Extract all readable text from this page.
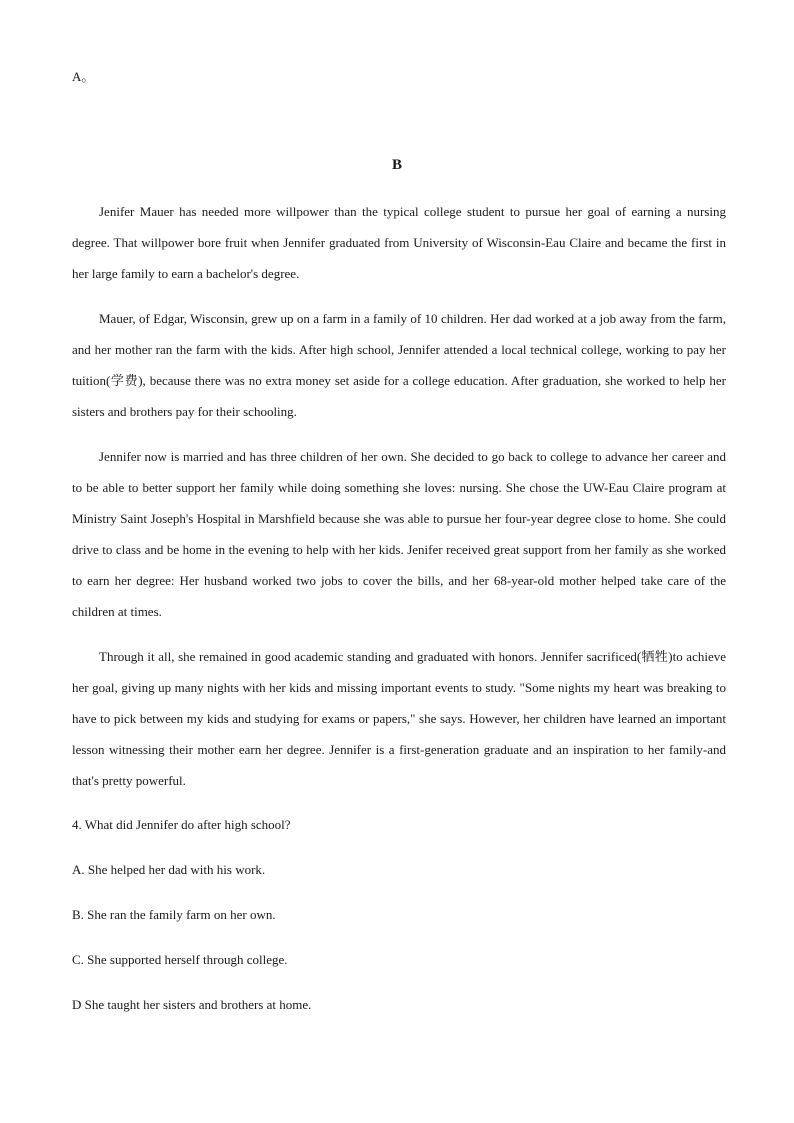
A。
B

Jenifer Mauer has needed more willpower than the typical college student to pursue her goal of earning a nursing degree. That willpower bore fruit when Jennifer graduated from University of Wisconsin-Eau Claire and became the first in her large family to earn a bachelor's degree.

Mauer, of Edgar, Wisconsin, grew up on a farm in a family of 10 children. Her dad worked at a job away from the farm, and her mother ran the farm with the kids. After high school, Jennifer attended a local technical college, working to pay her tuition(学费), because there was no extra money set aside for a college education. After graduation, she worked to help her sisters and brothers pay for their schooling.

Jennifer now is married and has three children of her own. She decided to go back to college to advance her career and to be able to better support her family while doing something she loves: nursing. She chose the UW-Eau Claire program at Ministry Saint Joseph's Hospital in Marshfield because she was able to pursue her four-year degree close to home. She could drive to class and be home in the evening to help with her kids. Jenifer received great support from her family as she worked to earn her degree: Her husband worked two jobs to cover the bills, and her 68-year-old mother helped take care of the children at times.

Through it all, she remained in good academic standing and graduated with honors. Jennifer sacrificed(牺牲)to achieve her goal, giving up many nights with her kids and missing important events to study. "Some nights my heart was breaking to have to pick between my kids and studying for exams or papers," she says. However, her children have learned an important lesson witnessing their mother earn her degree. Jennifer is a first-generation graduate and an inspiration to her family-and that's pretty powerful.

4. What did Jennifer do after high school?

A. She helped her dad with his work.

B. She ran the family farm on her own.

C. She supported herself through college.

D She taught her sisters and brothers at home.
